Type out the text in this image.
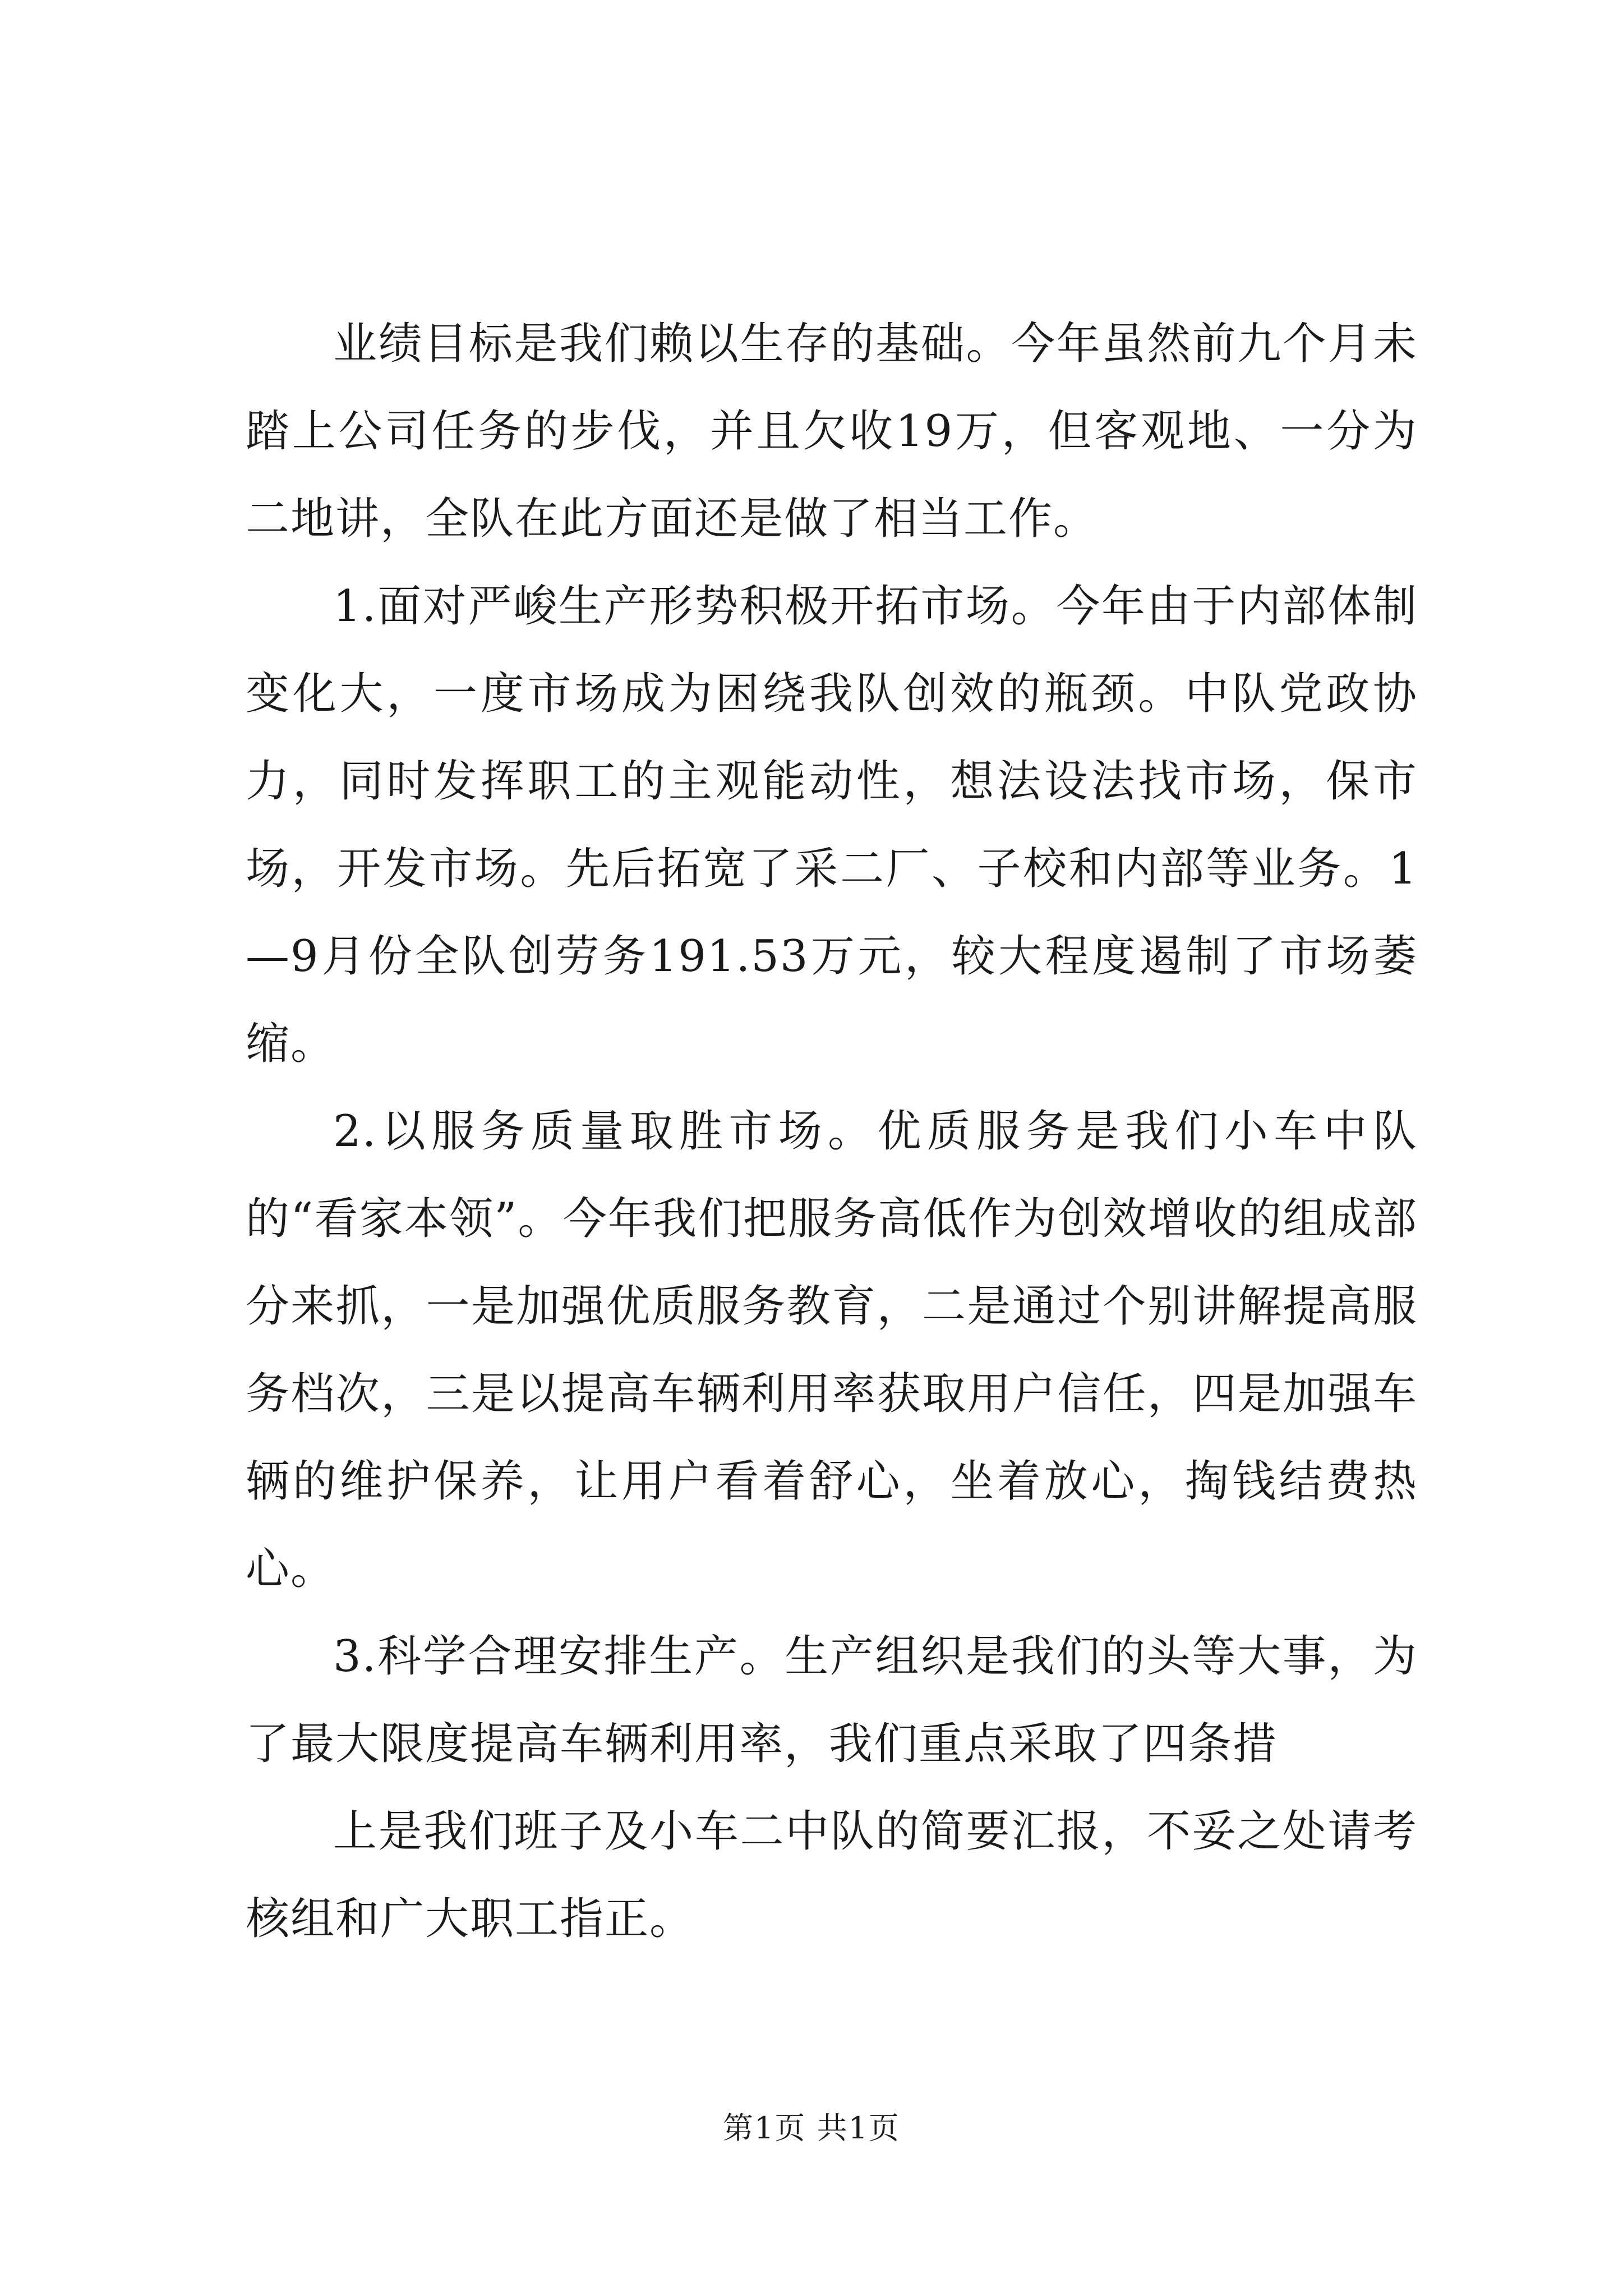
业绩目标是我们赖以生存的基础。今年虽然前九个月未踏上公司任务的步伐，并且欠收19万，但客观地、一分为二地讲，全队在此方面还是做了相当工作。

1.面对严峻生产形势积极开拓市场。今年由于内部体制变化大，一度市场成为困绕我队创效的瓶颈。中队党政协力，同时发挥职工的主观能动性，想法设法找市场，保市场，开发市场。先后拓宽了采二厂、子校和内部等业务。1—9月份全队创劳务191.53万元，较大程度遏制了市场萎缩。

2.以服务质量取胜市场。优质服务是我们小车中队的“看家本领”。今年我们把服务高低作为创效增收的组成部分来抓，一是加强优质服务教育，二是通过个别讲解提高服务档次，三是以提高车辆利用率获取用户信任，四是加强车辆的维护保养，让用户看着舒心，坐着放心，掏钱结费热心。

3.科学合理安排生产。生产组织是我们的头等大事，为了最大限度提高车辆利用率，我们重点采取了四条措

上是我们班子及小车二中队的简要汇报，不妥之处请考核组和广大职工指正。

第1页 共1页
